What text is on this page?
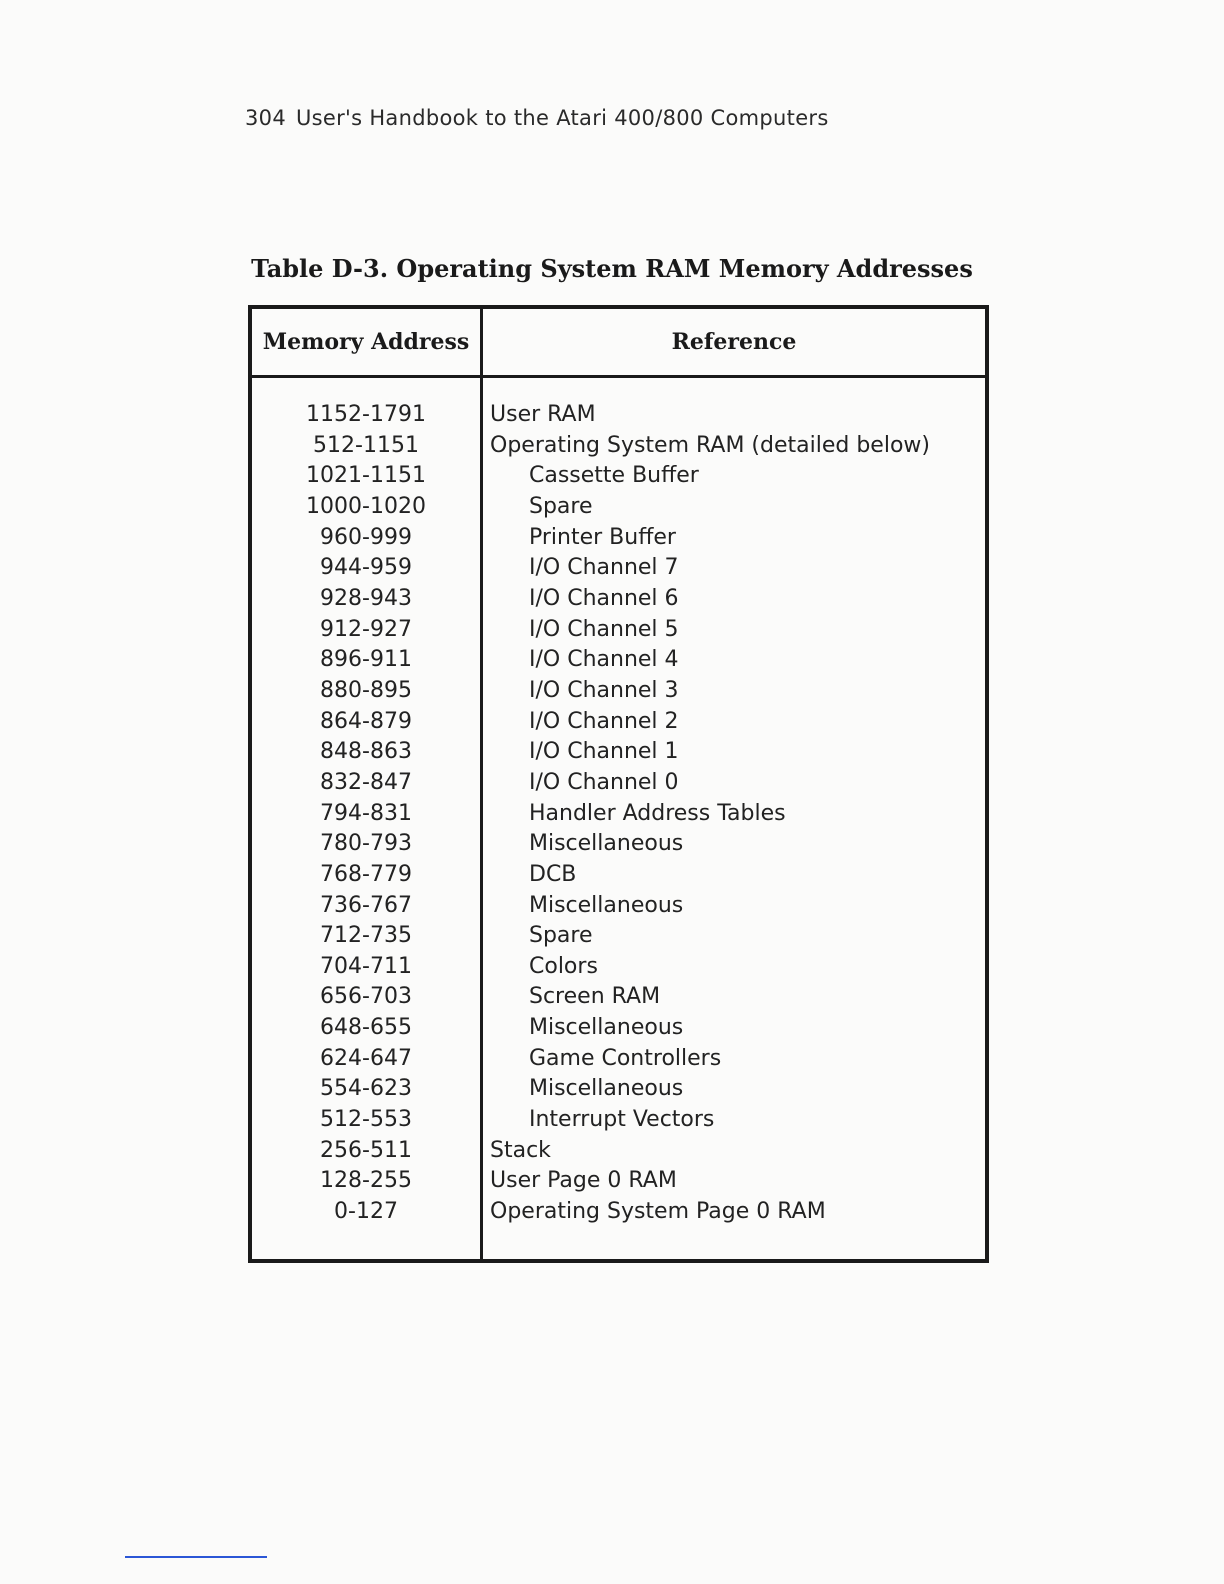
304 User's Handbook to the Atari 400/800 Computers
Table D-3. Operating System RAM Memory Addresses
Memory Address	Reference
1152-1791	User RAM
512-1151	Operating System RAM (detailed below)
1021-1151	Cassette Buffer
1000-1020	Spare
960-999	Printer Buffer
944-959	I/O Channel 7
928-943	I/O Channel 6
912-927	I/O Channel 5
896-911	I/O Channel 4
880-895	I/O Channel 3
864-879	I/O Channel 2
848-863	I/O Channel 1
832-847	I/O Channel 0
794-831	Handler Address Tables
780-793	Miscellaneous
768-779	DCB
736-767	Miscellaneous
712-735	Spare
704-711	Colors
656-703	Screen RAM
648-655	Miscellaneous
624-647	Game Controllers
554-623	Miscellaneous
512-553	Interrupt Vectors
256-511	Stack
128-255	User Page 0 RAM
0-127	Operating System Page 0 RAM
